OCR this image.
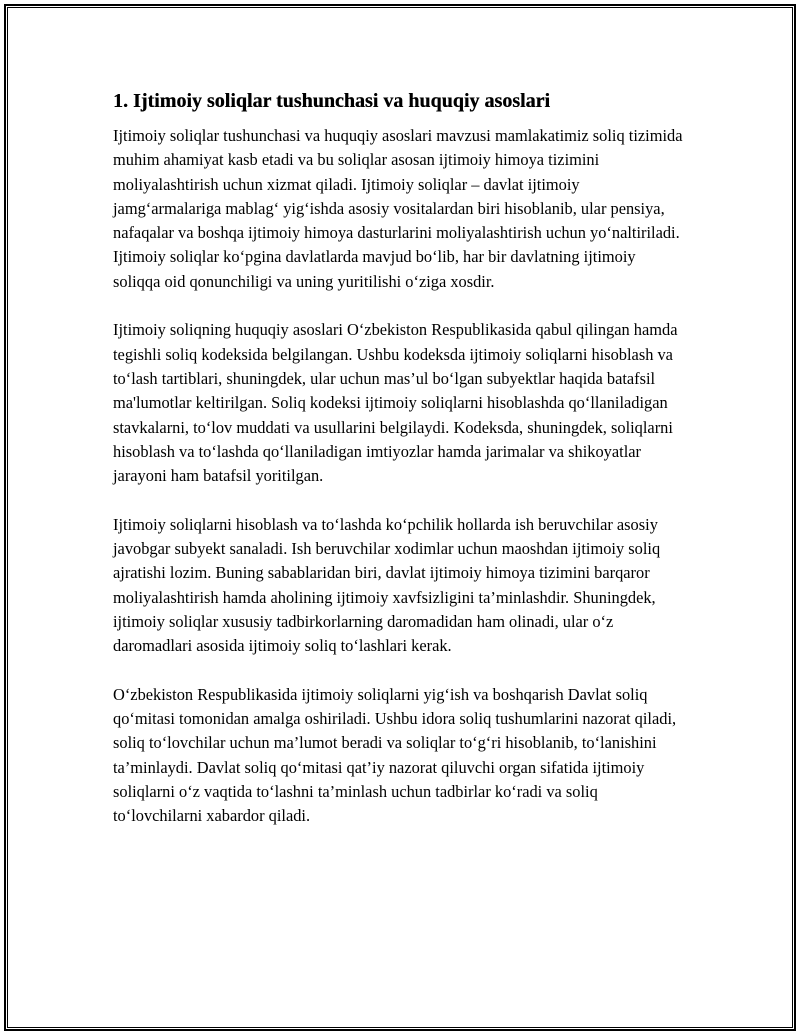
1. Ijtimoiy soliqlar tushunchasi va huquqiy asoslari

Ijtimoiy soliqlar tushunchasi va huquqiy asoslari mavzusi mamlakatimiz soliq tizimida muhim ahamiyat kasb etadi va bu soliqlar asosan ijtimoiy himoya tizimini moliyalashtirish uchun xizmat qiladi. Ijtimoiy soliqlar – davlat ijtimoiy jamg‘armalariga mablag‘ yig‘ishda asosiy vositalardan biri hisoblanib, ular pensiya, nafaqalar va boshqa ijtimoiy himoya dasturlarini moliyalashtirish uchun yo‘naltiriladi. Ijtimoiy soliqlar ko‘pgina davlatlarda mavjud bo‘lib, har bir davlatning ijtimoiy soliqqa oid qonunchiligi va uning yuritilishi o‘ziga xosdir.

Ijtimoiy soliqning huquqiy asoslari O‘zbekiston Respublikasida qabul qilingan hamda tegishli soliq kodeksida belgilangan. Ushbu kodeksda ijtimoiy soliqlarni hisoblash va to‘lash tartiblari, shuningdek, ular uchun mas’ul bo‘lgan subyektlar haqida batafsil ma'lumotlar keltirilgan. Soliq kodeksi ijtimoiy soliqlarni hisoblashda qo‘llaniladigan stavkalarni, to‘lov muddati va usullarini belgilaydi. Kodeksda, shuningdek, soliqlarni hisoblash va to‘lashda qo‘llaniladigan imtiyozlar hamda jarimalar va shikoyatlar jarayoni ham batafsil yoritilgan.

Ijtimoiy soliqlarni hisoblash va to‘lashda ko‘pchilik hollarda ish beruvchilar asosiy javobgar subyekt sanaladi. Ish beruvchilar xodimlar uchun maoshdan ijtimoiy soliq ajratishi lozim. Buning sabablaridan biri, davlat ijtimoiy himoya tizimini barqaror moliyalashtirish hamda aholining ijtimoiy xavfsizligini ta’minlashdir. Shuningdek, ijtimoiy soliqlar xususiy tadbirkorlarning daromadidan ham olinadi, ular o‘z daromadlari asosida ijtimoiy soliq to‘lashlari kerak.

O‘zbekiston Respublikasida ijtimoiy soliqlarni yig‘ish va boshqarish Davlat soliq qo‘mitasi tomonidan amalga oshiriladi. Ushbu idora soliq tushumlarini nazorat qiladi, soliq to‘lovchilar uchun ma’lumot beradi va soliqlar to‘g‘ri hisoblanib, to‘lanishini ta’minlaydi. Davlat soliq qo‘mitasi qat’iy nazorat qiluvchi organ sifatida ijtimoiy soliqlarni o‘z vaqtida to‘lashni ta’minlash uchun tadbirlar ko‘radi va soliq to‘lovchilarni xabardor qiladi.
